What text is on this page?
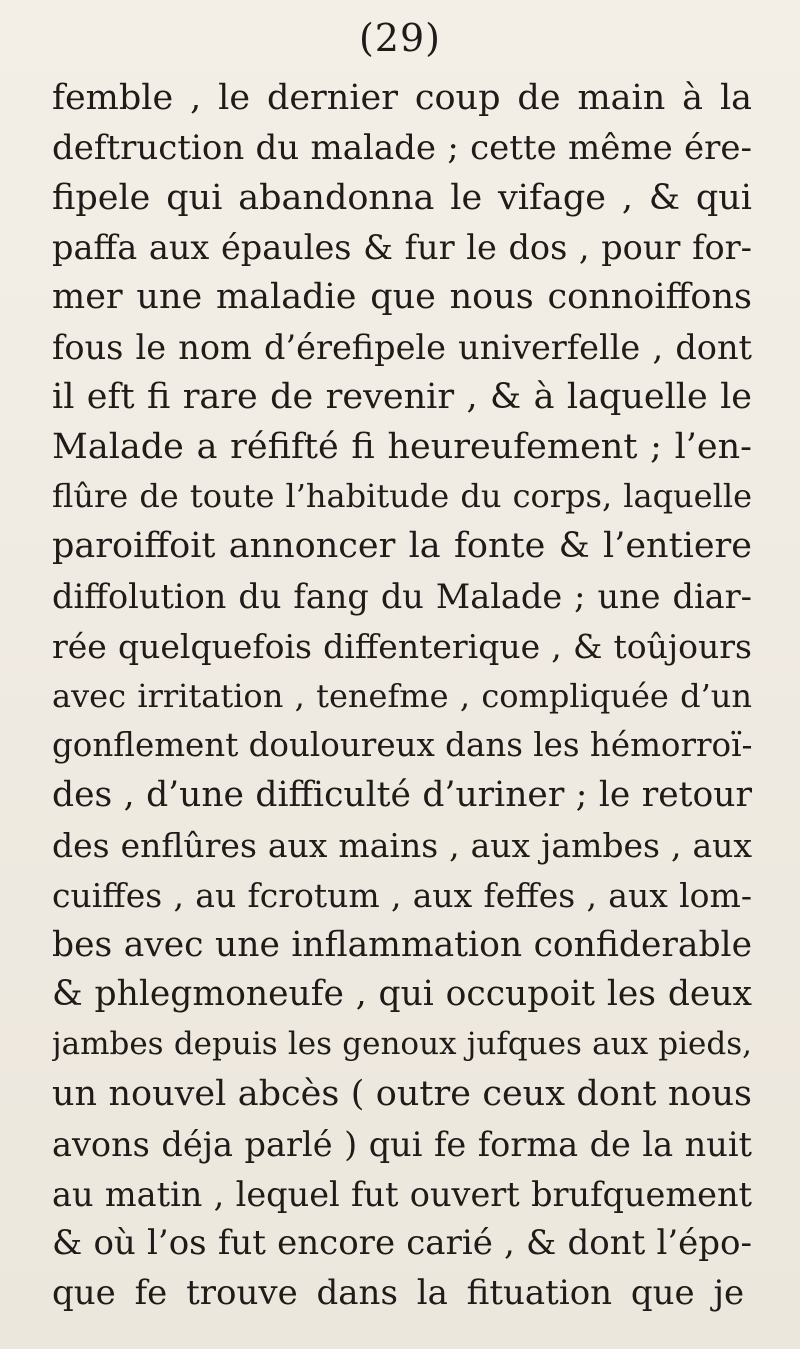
(29)
femble , le dernier coup de main à la
deftruction du malade ; cette même ére-
fipele qui abandonna le vifage , & qui
paffa aux épaules & fur le dos , pour for-
mer une maladie que nous connoiffons
fous le nom d’érefipele univerfelle , dont
il eft fi rare de revenir , & à laquelle le
Malade a réfifté fi heureufement ; l’en-
flûre de toute l’habitude du corps, laquelle
paroiffoit annoncer la fonte & l’entiere
diffolution du fang du Malade ; une diar-
rée quelquefois diffenterique , & toûjours
avec irritation , tenefme , compliquée d’un
gonflement douloureux dans les hémorroï-
des , d’une difficulté d’uriner ; le retour
des enflûres aux mains , aux jambes , aux
cuiffes , au fcrotum , aux feffes , aux lom-
bes avec une inflammation confiderable
& phlegmoneufe , qui occupoit les deux
jambes depuis les genoux jufques aux pieds,
un nouvel abcès ( outre ceux dont nous
avons déja parlé ) qui fe forma de la nuit
au matin , lequel fut ouvert brufquement
& où l’os fut encore carié , & dont l’épo-
que fe trouve dans la fituation que je
